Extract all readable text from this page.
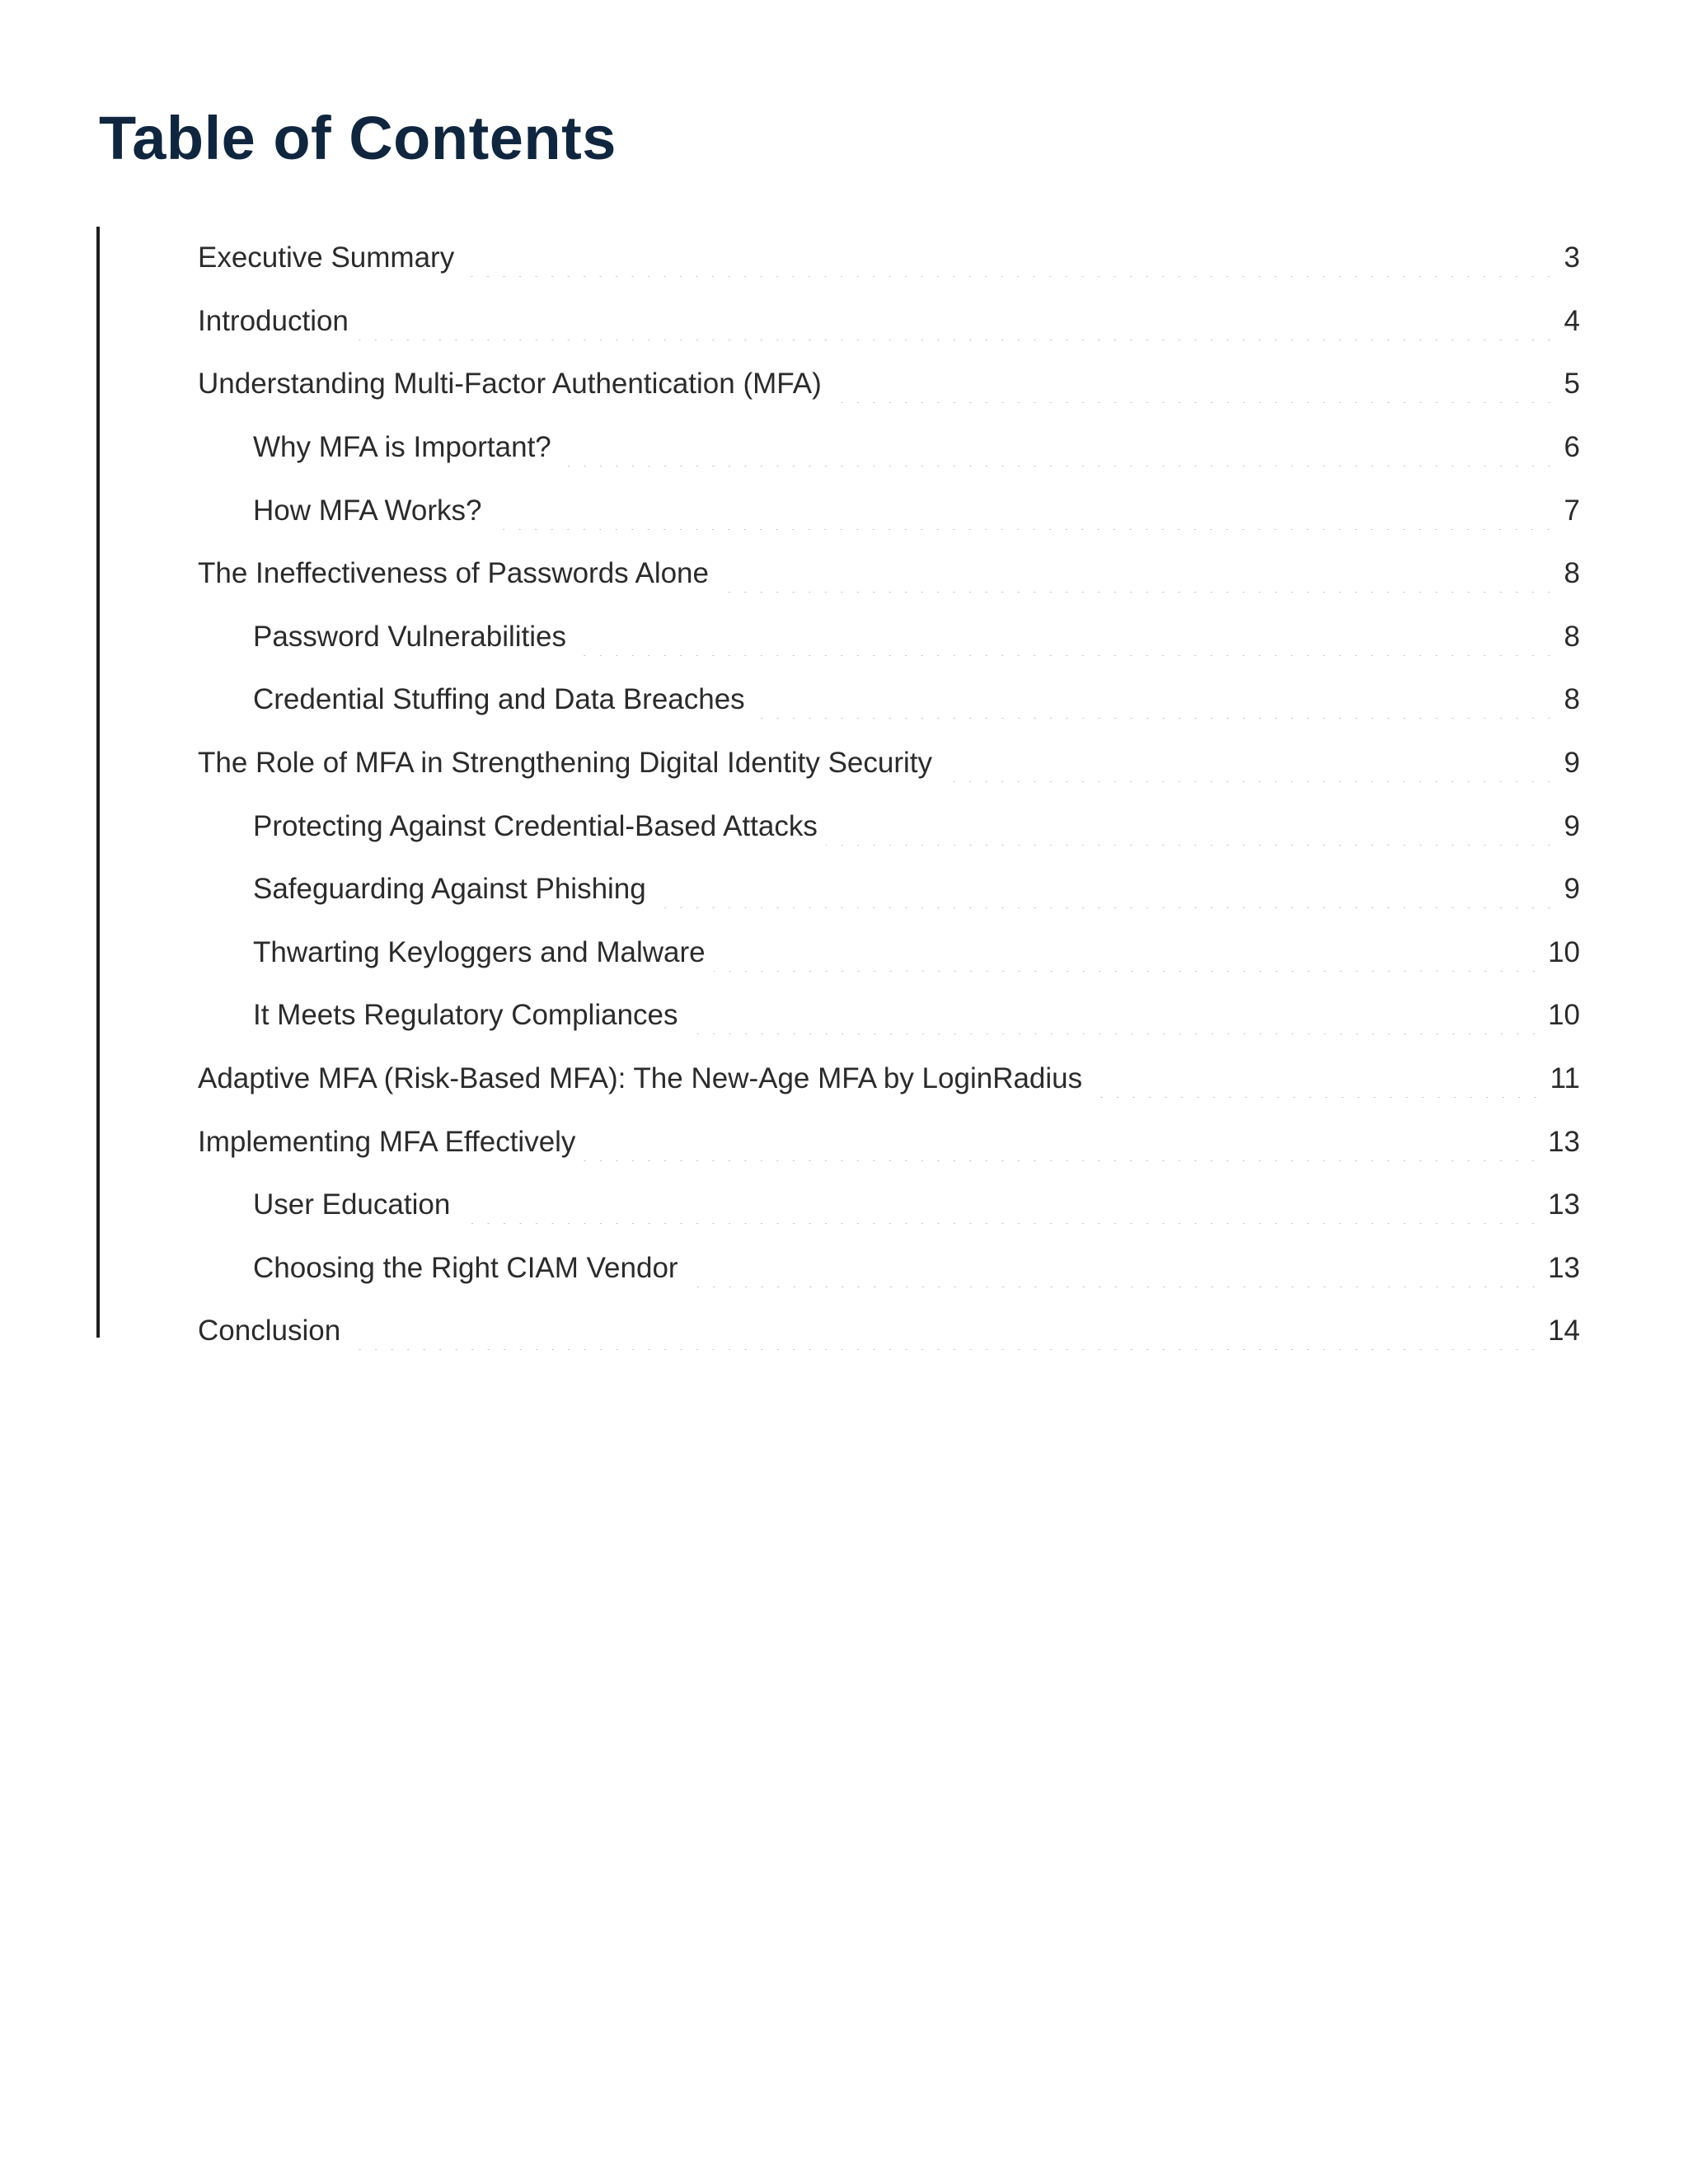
Table of Contents
Executive Summary	3
Introduction	4
Understanding Multi-Factor Authentication (MFA)	5
Why MFA is Important?	6
How MFA Works?	7
The Ineffectiveness of Passwords Alone	8
Password Vulnerabilities	8
Credential Stuffing and Data Breaches	8
The Role of MFA in Strengthening Digital Identity Security	9
Protecting Against Credential-Based Attacks	9
Safeguarding Against Phishing	9
Thwarting Keyloggers and Malware	10
It Meets Regulatory Compliances	10
Adaptive MFA (Risk-Based MFA): The New-Age MFA by LoginRadius	11
Implementing MFA Effectively	13
User Education	13
Choosing the Right CIAM Vendor	13
Conclusion	14
